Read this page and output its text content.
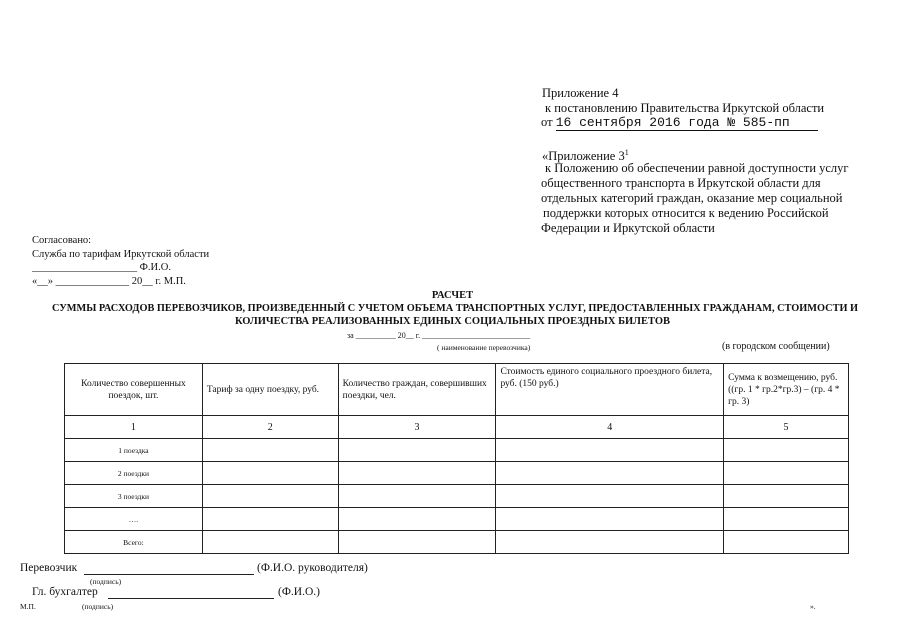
Приложение 4
к постановлению Правительства Иркутской области
от 16 сентября 2016 года № 585-пп
«Приложение $3^1$
к Положению об обеспечении равной доступности услуг
общественного транспорта в Иркутской области для
отдельных категорий граждан, оказание мер социальной
поддержки которых относится к ведению Российской
Федерации и Иркутской области
Согласовано:
Служба по тарифам Иркутской области
____________________ Ф.И.О.
«__» ______________ 20__ г. М.П.
РАСЧЕТ
СУММЫ РАСХОДОВ ПЕРЕВОЗЧИКОВ, ПРОИЗВЕДЕННЫЙ С УЧЕТОМ ОБЪЕМА ТРАНСПОРТНЫХ УСЛУГ, ПРЕДОСТАВЛЕННЫХ ГРАЖДАНАМ, СТОИМОСТИ И
КОЛИЧЕСТВА РЕАЛИЗОВАННЫХ ЕДИНЫХ СОЦИАЛЬНЫХ ПРОЕЗДНЫХ БИЛЕТОВ
за __________ 20__ г. ___________________________
( наименование перевозчика)	(в городском сообщении)
Количество совершенных поездок, шт.	Тариф за одну поездку, руб.	Количество граждан, совершивших поездки, чел.	Стоимость единого социального проездного билета, руб. (150 руб.)	Сумма к возмещению, руб. ((гр. 1 * гр.2*гр.3) – (гр. 4 * гр. 3)
1	2	3	4	5
1 поездка				
2 поездки				
3 поездки				
….				
Всего:				
Перевозчик	(Ф.И.О. руководителя)
(подпись)
Гл. бухгалтер	(Ф.И.О.)
М.П.	(подпись)	».
